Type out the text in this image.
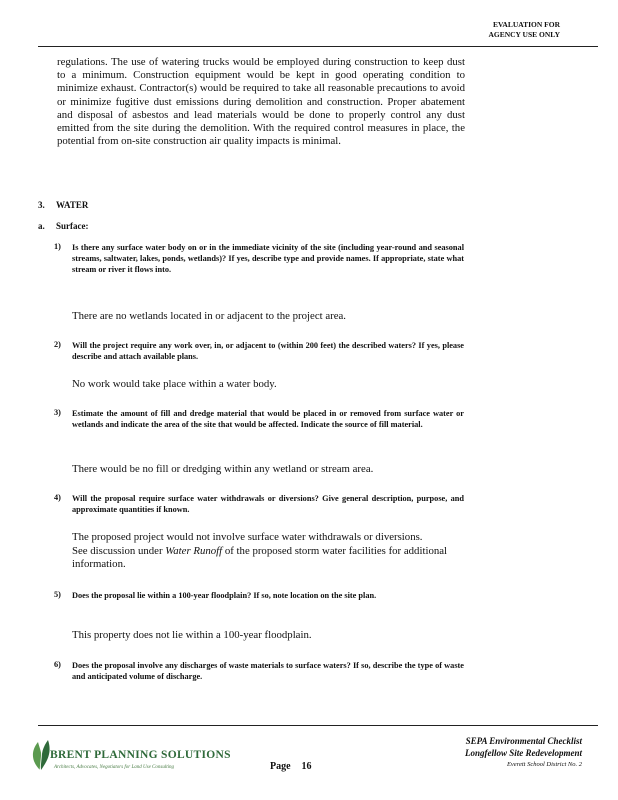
EVALUATION FOR
AGENCY USE ONLY
regulations. The use of watering trucks would be employed during construction to keep dust to a minimum. Construction equipment would be kept in good operating condition to minimize exhaust. Contractor(s) would be required to take all reasonable precautions to avoid or minimize fugitive dust emissions during demolition and construction. Proper abatement and disposal of asbestos and lead materials would be done to properly control any dust emitted from the site during the demolition. With the required control measures in place, the potential from on-site construction air quality impacts is minimal.
3. WATER
a. Surface:
1) Is there any surface water body on or in the immediate vicinity of the site (including year-round and seasonal streams, saltwater, lakes, ponds, wetlands)? If yes, describe type and provide names. If appropriate, state what stream or river it flows into.
There are no wetlands located in or adjacent to the project area.
2) Will the project require any work over, in, or adjacent to (within 200 feet) the described waters? If yes, please describe and attach available plans.
No work would take place within a water body.
3) Estimate the amount of fill and dredge material that would be placed in or removed from surface water or wetlands and indicate the area of the site that would be affected. Indicate the source of fill material.
There would be no fill or dredging within any wetland or stream area.
4) Will the proposal require surface water withdrawals or diversions? Give general description, purpose, and approximate quantities if known.
The proposed project would not involve surface water withdrawals or diversions.
See discussion under Water Runoff of the proposed storm water facilities for additional information.
5) Does the proposal lie within a 100-year floodplain? If so, note location on the site plan.
This property does not lie within a 100-year floodplain.
6) Does the proposal involve any discharges of waste materials to surface waters? If so, describe the type of waste and anticipated volume of discharge.
BRENT PLANNING SOLUTIONS
Architects, Advocates, Negotiators for Land Use Consulting	Page 16
SEPA Environmental Checklist
Longfellow Site Redevelopment
Everett School District No. 2
